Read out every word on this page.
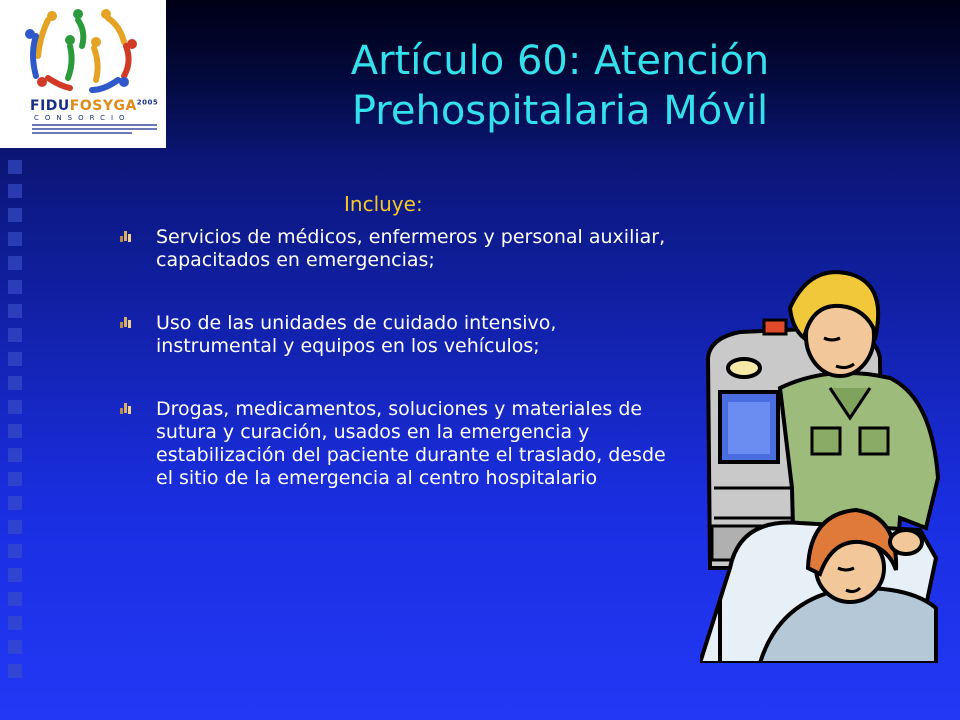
$FIDUFOSYGA^{2005}$
CONSORCIO
Artículo 60: Atención
Prehospitalaria Móvil
Incluye:
Servicios de médicos, enfermeros y personal auxiliar, capacitados en emergencias;
Uso de las unidades de cuidado intensivo, instrumental y equipos en los vehículos;
Drogas, medicamentos, soluciones y materiales de sutura y curación, usados en la emergencia y estabilización del paciente durante el traslado, desde el sitio de la emergencia al centro hospitalario
